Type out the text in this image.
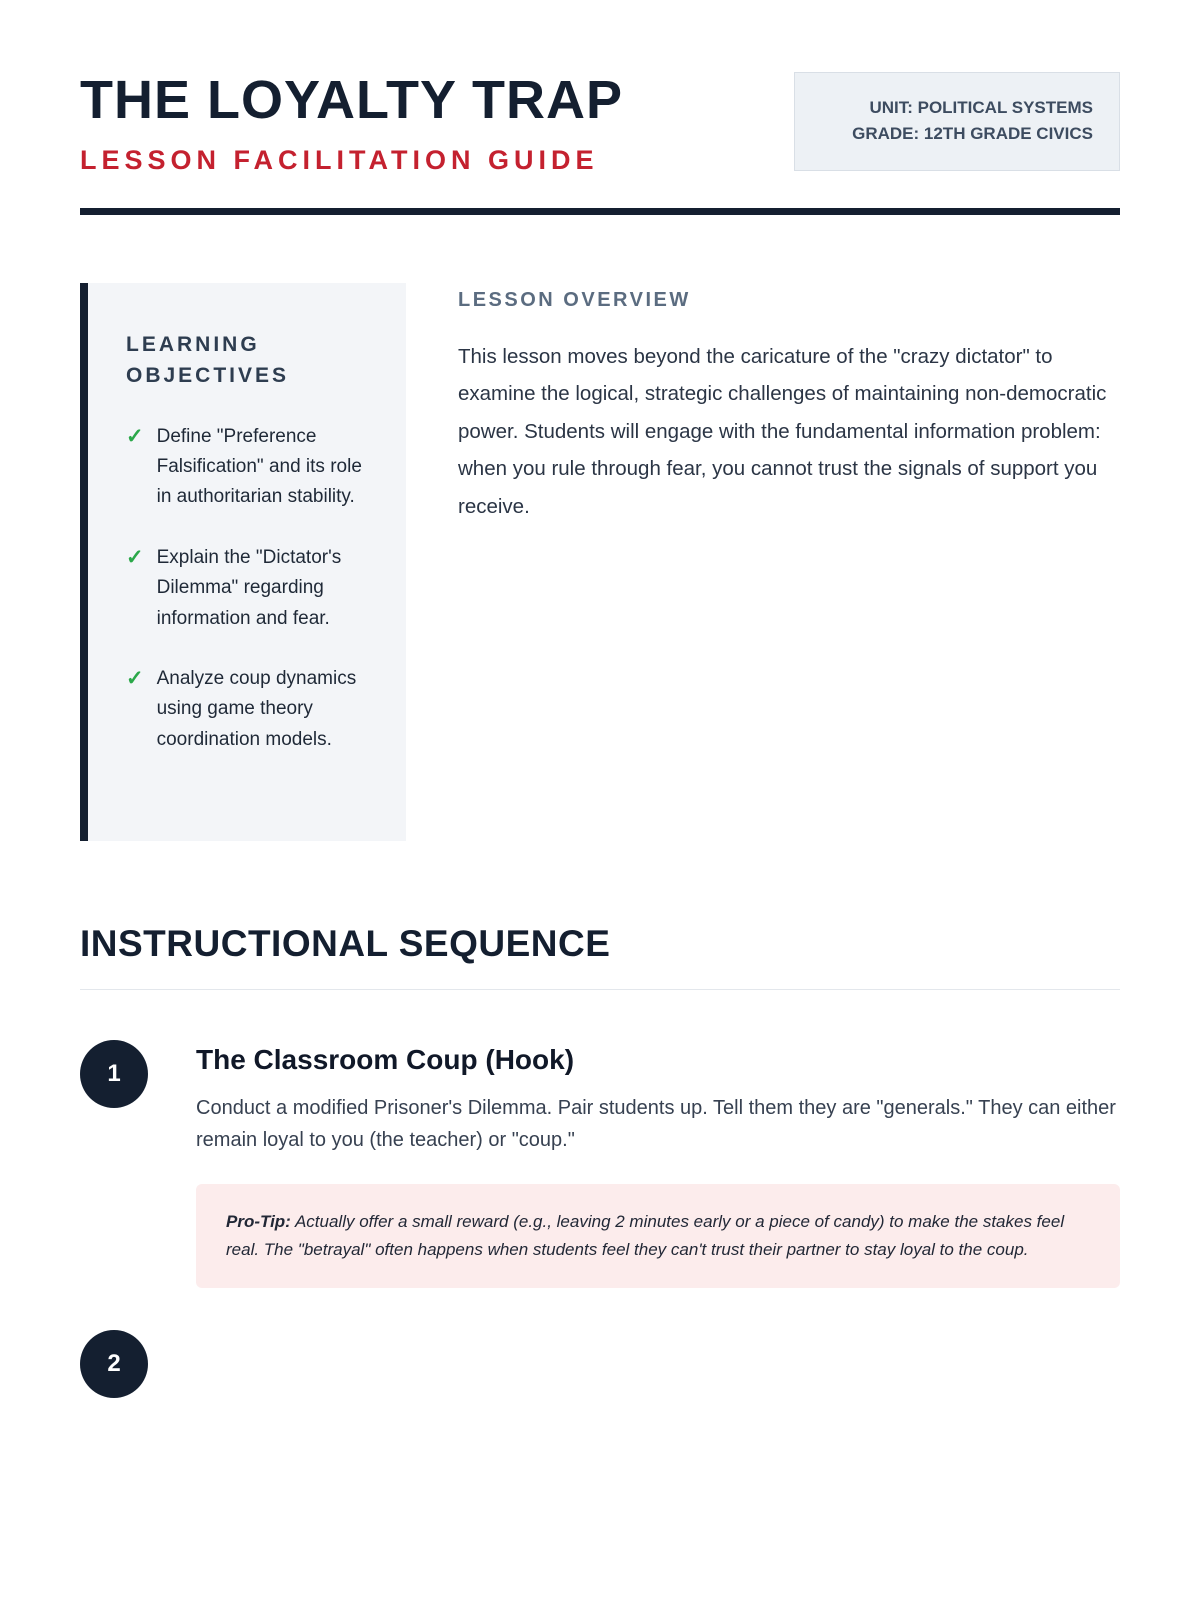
THE LOYALTY TRAP
LESSON FACILITATION GUIDE
UNIT: POLITICAL SYSTEMS
GRADE: 12TH GRADE CIVICS
LEARNING OBJECTIVES
✓ Define "Preference Falsification" and its role in authoritarian stability.
✓ Explain the "Dictator's Dilemma" regarding information and fear.
✓ Analyze coup dynamics using game theory coordination models.
LESSON OVERVIEW

This lesson moves beyond the caricature of the "crazy dictator" to examine the logical, strategic challenges of maintaining non-democratic power. Students will engage with the fundamental information problem: when you rule through fear, you cannot trust the signals of support you receive.

INSTRUCTIONAL SEQUENCE
1	The Classroom Coup (Hook)

Conduct a modified Prisoner's Dilemma. Pair students up. Tell them they are "generals." They can either remain loyal to you (the teacher) or "coup."

Pro-Tip: Actually offer a small reward (e.g., leaving 2 minutes early or a piece of candy) to make the stakes feel real. The "betrayal" often happens when students feel they can't trust their partner to stay loyal to the coup.
2
